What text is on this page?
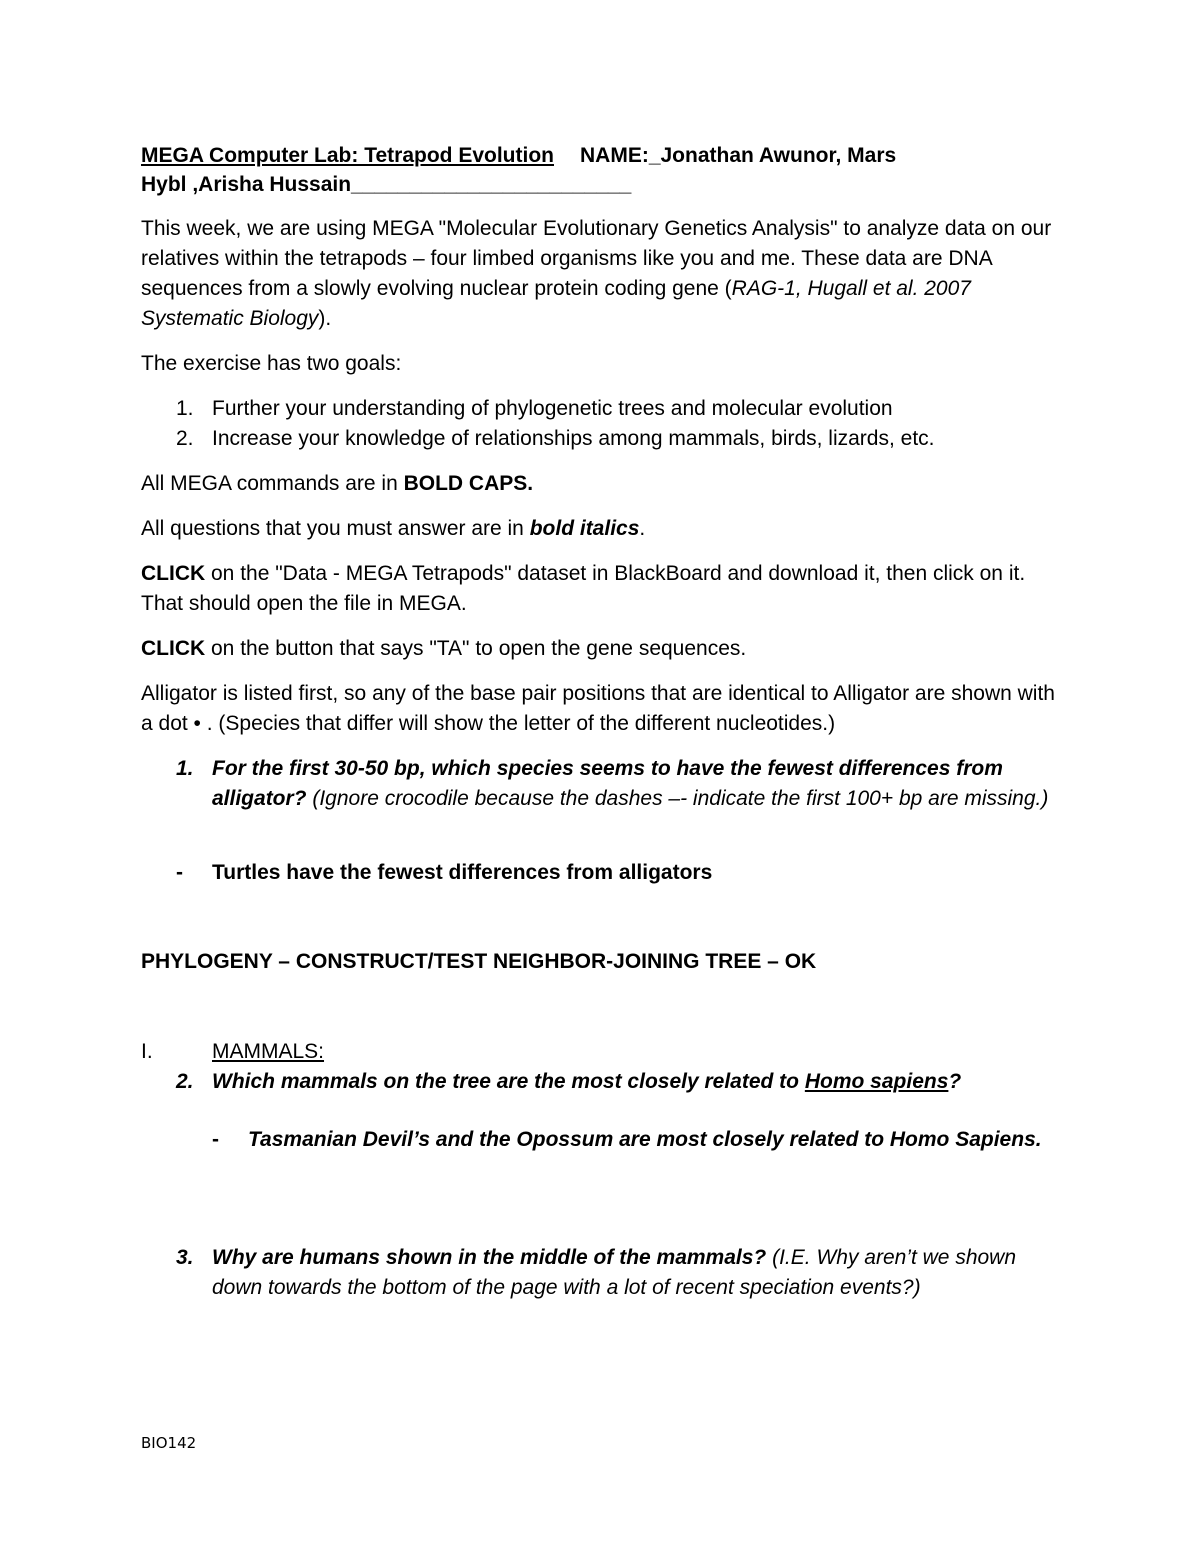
MEGA Computer Lab: Tetrapod Evolution NAME:_Jonathan Awunor, Mars
Hybl ,Arisha Hussain________________________

This week, we are using MEGA "Molecular Evolutionary Genetics Analysis" to analyze data on our relatives within the tetrapods – four limbed organisms like you and me. These data are DNA sequences from a slowly evolving nuclear protein coding gene (RAG-1, Hugall et al. 2007 Systematic Biology).

The exercise has two goals:

1. Further your understanding of phylogenetic trees and molecular evolution
2. Increase your knowledge of relationships among mammals, birds, lizards, etc.

All MEGA commands are in BOLD CAPS.

All questions that you must answer are in bold italics.

CLICK on the "Data - MEGA Tetrapods" dataset in BlackBoard and download it, then click on it. That should open the file in MEGA.

CLICK on the button that says "TA" to open the gene sequences.

Alligator is listed first, so any of the base pair positions that are identical to Alligator are shown with a dot • . (Species that differ will show the letter of the different nucleotides.)

1. For the first 30-50 bp, which species seems to have the fewest differences from alligator? (Ignore crocodile because the dashes –- indicate the first 100+ bp are missing.)

- Turtles have the fewest differences from alligators

PHYLOGENY – CONSTRUCT/TEST NEIGHBOR-JOINING TREE – OK

I.	MAMMALS:

2. Which mammals on the tree are the most closely related to Homo sapiens?

- Tasmanian Devil’s and the Opossum are most closely related to Homo Sapiens.

3. Why are humans shown in the middle of the mammals? (I.E. Why aren’t we shown down towards the bottom of the page with a lot of recent speciation events?)

BIO142
